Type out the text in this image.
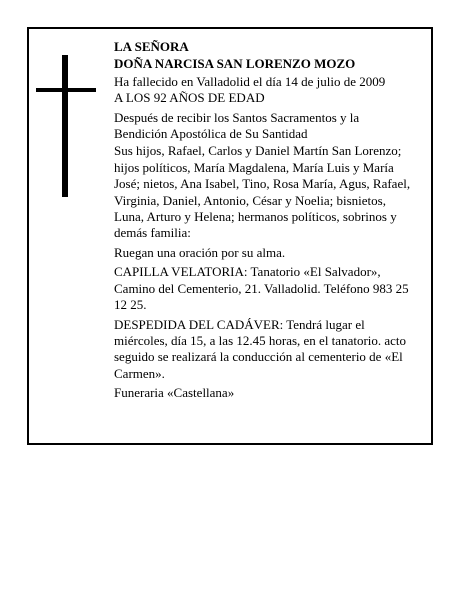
LA SEÑORA

DOÑA NARCISA SAN LORENZO MOZO

Ha fallecido en Valladolid el día 14 de julio de 2009

A LOS 92 AÑOS DE EDAD

Después de recibir los Santos Sacramentos y la Bendición Apostólica de Su Santidad

Sus hijos, Rafael, Carlos y Daniel Martín San Lorenzo; hijos políticos, María Magdalena, María Luis y María José; nietos, Ana Isabel, Tino, Rosa María, Agus, Rafael, Virginia, Daniel, Antonio, César y Noelia; bisnietos, Luna, Arturo y Helena; hermanos políticos, sobrinos y demás familia:

Ruegan una oración por su alma.

CAPILLA VELATORIA: Tanatorio «El Salvador», Camino del Cementerio, 21. Valladolid. Teléfono 983 25 12 25.

DESPEDIDA DEL CADÁVER: Tendrá lugar el miércoles, día 15, a las 12.45 horas, en el tanatorio. acto seguido se realizará la conducción al cementerio de «El Carmen».

Funeraria «Castellana»
